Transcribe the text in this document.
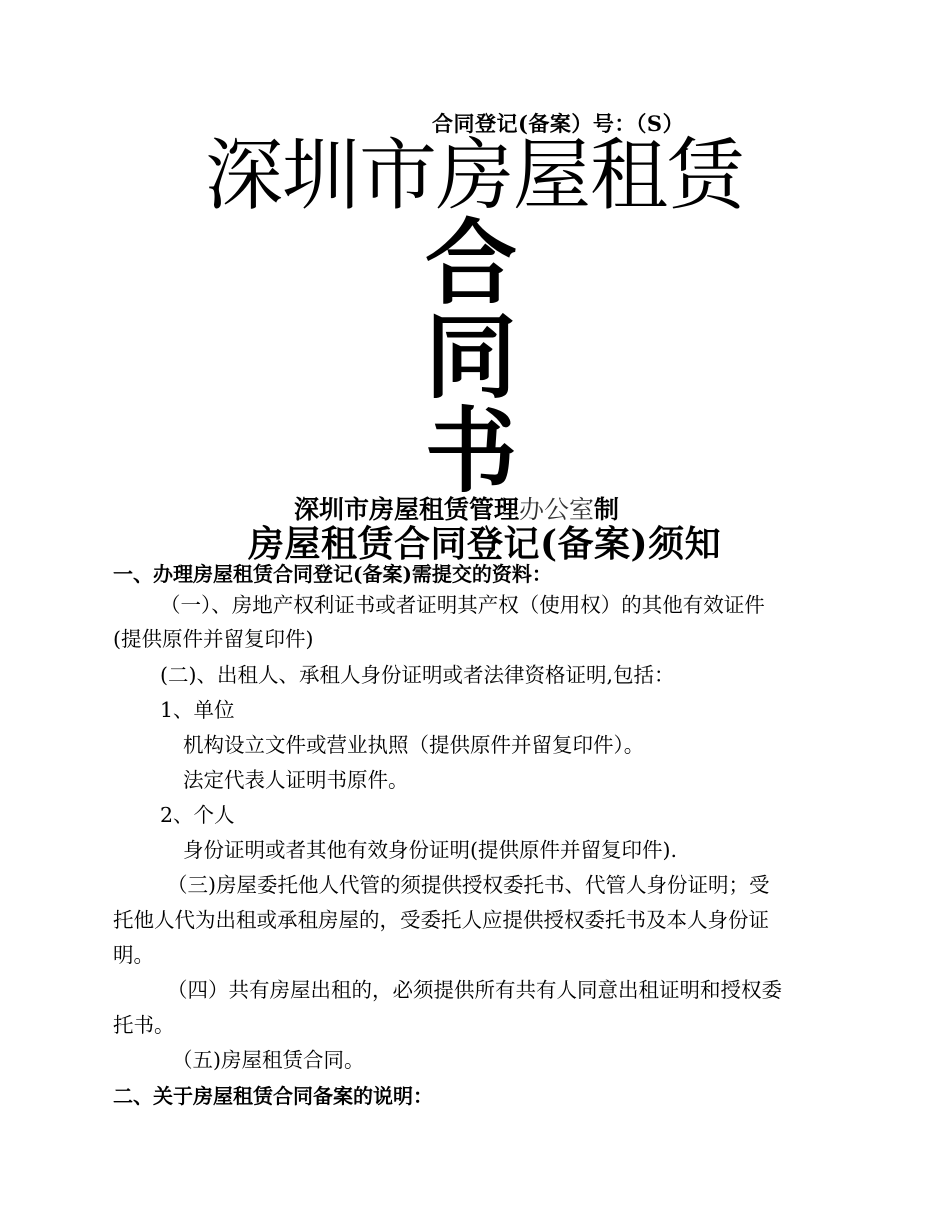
合同登记(备案）号：（S）
深圳市房屋租赁
合
同
书
深圳市房屋租赁管理办公室制
房屋租赁合同登记(备案)须知
一、办理房屋租赁合同登记(备案)需提交的资料：
（一）、房地产权利证书或者证明其产权（使用权）的其他有效证件
(提供原件并留复印件)
(二)、出租人、承租人身份证明或者法律资格证明,包括：
1、单位
机构设立文件或营业执照（提供原件并留复印件）。
法定代表人证明书原件。
2、个人
身份证明或者其他有效身份证明(提供原件并留复印件).
（三)房屋委托他人代管的须提供授权委托书、代管人身份证明；受
托他人代为出租或承租房屋的，受委托人应提供授权委托书及本人身份证
明。
（四）共有房屋出租的，必须提供所有共有人同意出租证明和授权委
托书。
（五)房屋租赁合同。
二、关于房屋租赁合同备案的说明：
